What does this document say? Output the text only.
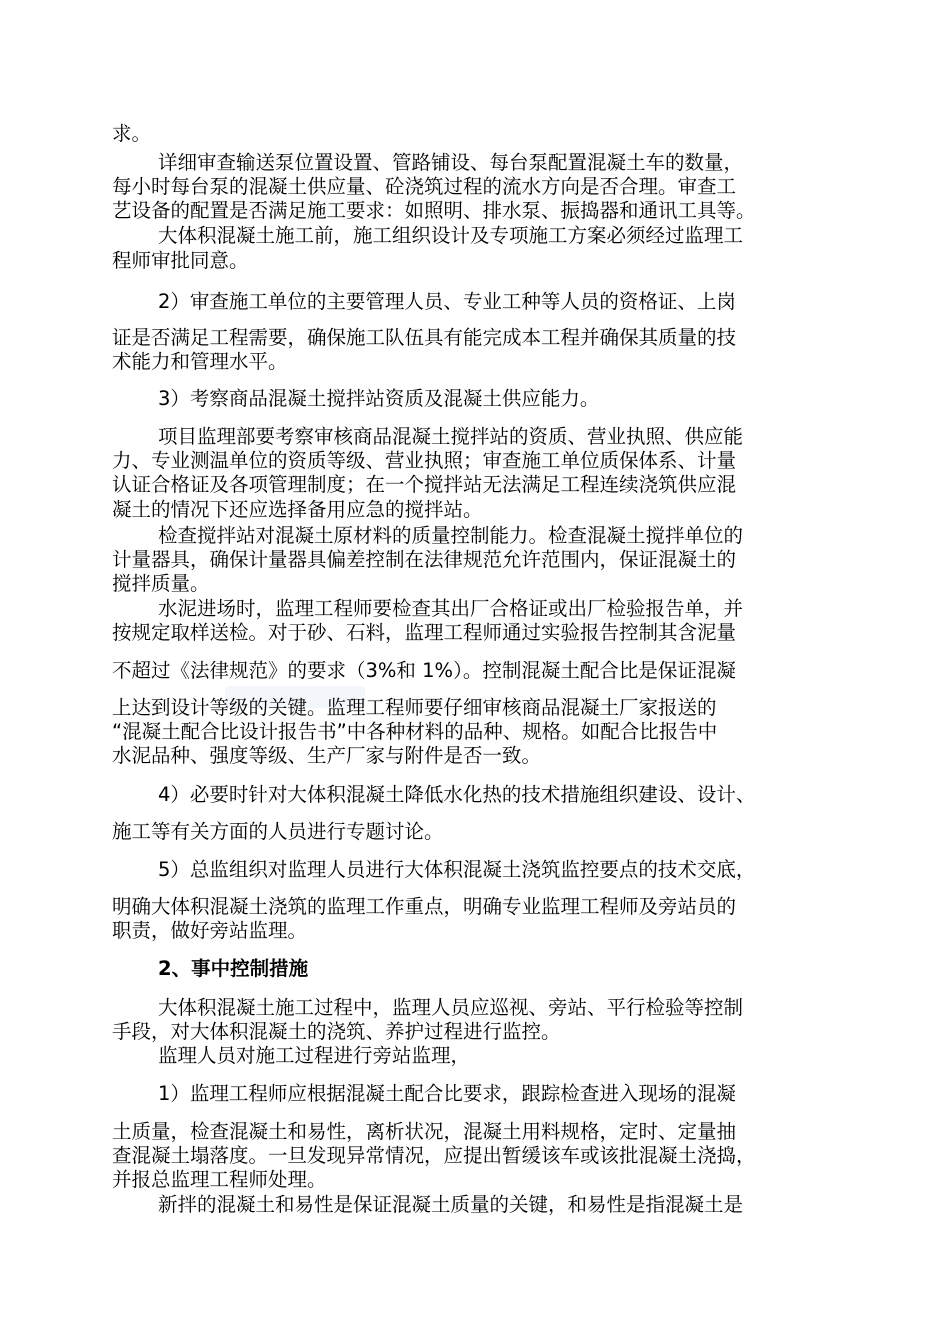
求。
详细审查输送泵位置设置、管路铺设、每台泵配置混凝土车的数量，
每小时每台泵的混凝土供应量、砼浇筑过程的流水方向是否合理。审查工
艺设备的配置是否满足施工要求：如照明、排水泵、振捣器和通讯工具等。
大体积混凝土施工前，施工组织设计及专项施工方案必须经过监理工
程师审批同意。
2）审查施工单位的主要管理人员、专业工种等人员的资格证、上岗
证是否满足工程需要，确保施工队伍具有能完成本工程并确保其质量的技
术能力和管理水平。
3）考察商品混凝土搅拌站资质及混凝土供应能力。
项目监理部要考察审核商品混凝土搅拌站的资质、营业执照、供应能
力、专业测温单位的资质等级、营业执照；审查施工单位质保体系、计量
认证合格证及各项管理制度；在一个搅拌站无法满足工程连续浇筑供应混
凝土的情况下还应选择备用应急的搅拌站。
检查搅拌站对混凝土原材料的质量控制能力。检查混凝土搅拌单位的
计量器具，确保计量器具偏差控制在法律规范允许范围内，保证混凝土的
搅拌质量。
水泥进场时，监理工程师要检查其出厂合格证或出厂检验报告单，并
按规定取样送检。对于砂、石料，监理工程师通过实验报告控制其含泥量
不超过《法律规范》的要求（3%和 1%）。控制混凝土配合比是保证混凝
上达到设计等级的关键。监理工程师要仔细审核商品混凝土厂家报送的
“混凝土配合比设计报告书”中各种材料的品种、规格。如配合比报告中
水泥品种、强度等级、生产厂家与附件是否一致。
4）必要时针对大体积混凝土降低水化热的技术措施组织建设、设计、
施工等有关方面的人员进行专题讨论。
5）总监组织对监理人员进行大体积混凝土浇筑监控要点的技术交底，
明确大体积混凝土浇筑的监理工作重点，明确专业监理工程师及旁站员的
职责，做好旁站监理。
2、事中控制措施
大体积混凝土施工过程中，监理人员应巡视、旁站、平行检验等控制
手段，对大体积混凝土的浇筑、养护过程进行监控。
监理人员对施工过程进行旁站监理，
1）监理工程师应根据混凝土配合比要求，跟踪检查进入现场的混凝
土质量，检查混凝土和易性，离析状况，混凝土用料规格，定时、定量抽
查混凝土塌落度。一旦发现异常情况，应提出暂缓该车或该批混凝土浇捣，
并报总监理工程师处理。
新拌的混凝土和易性是保证混凝土质量的关键，和易性是指混凝土是
